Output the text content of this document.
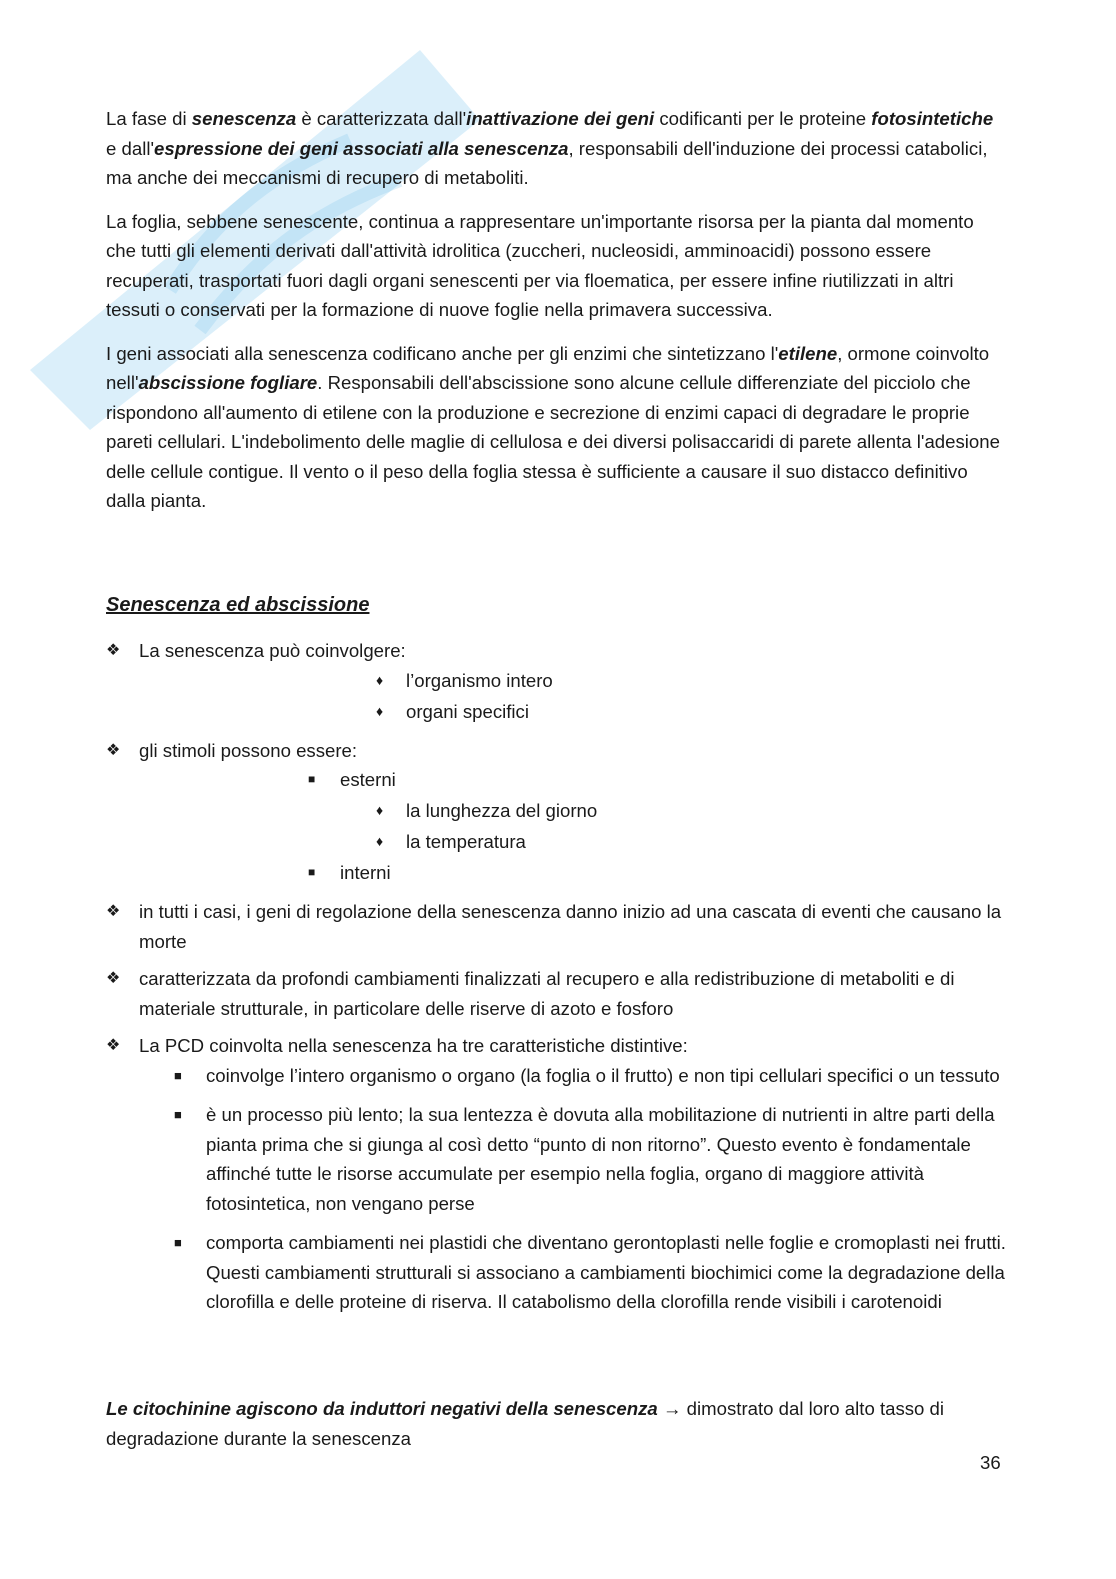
La fase di senescenza è caratterizzata dall'inattivazione dei geni codificanti per le proteine fotosintetiche e dall'espressione dei geni associati alla senescenza, responsabili dell'induzione dei processi catabolici, ma anche dei meccanismi di recupero di metaboliti.

La foglia, sebbene senescente, continua a rappresentare un'importante risorsa per la pianta dal momento che tutti gli elementi derivati dall'attività idrolitica (zuccheri, nucleosidi, amminoacidi) possono essere recuperati, trasportati fuori dagli organi senescenti per via floematica, per essere infine riutilizzati in altri tessuti o conservati per la formazione di nuove foglie nella primavera successiva.

I geni associati alla senescenza codificano anche per gli enzimi che sintetizzano l'etilene, ormone coinvolto nell'abscissione fogliare. Responsabili dell'abscissione sono alcune cellule differenziate del picciolo che rispondono all'aumento di etilene con la produzione e secrezione di enzimi capaci di degradare le proprie pareti cellulari. L'indebolimento delle maglie di cellulosa e dei diversi polisaccaridi di parete allenta l'adesione delle cellule contigue. Il vento o il peso della foglia stessa è sufficiente a causare il suo distacco definitivo dalla pianta.

Senescenza ed abscissione
❖ La senescenza può coinvolgere:
♦ l’organismo intero
♦ organi specifici
❖ gli stimoli possono essere:
■ esterni
♦ la lunghezza del giorno
♦ la temperatura
■ interni
❖ in tutti i casi, i geni di regolazione della senescenza danno inizio ad una cascata di eventi che causano la morte
❖ caratterizzata da profondi cambiamenti finalizzati al recupero e alla redistribuzione di metaboliti e di materiale strutturale, in particolare delle riserve di azoto e fosforo
❖ La PCD coinvolta nella senescenza ha tre caratteristiche distintive:
■ coinvolge l’intero organismo o organo (la foglia o il frutto) e non tipi cellulari specifici o un tessuto
■ è un processo più lento; la sua lentezza è dovuta alla mobilitazione di nutrienti in altre parti della pianta prima che si giunga al così detto “punto di non ritorno”. Questo evento è fondamentale affinché tutte le risorse accumulate per esempio nella foglia, organo di maggiore attività fotosintetica, non vengano perse
■ comporta cambiamenti nei plastidi che diventano gerontoplasti nelle foglie e cromoplasti nei frutti. Questi cambiamenti strutturali si associano a cambiamenti biochimici come la degradazione della clorofilla e delle proteine di riserva. Il catabolismo della clorofilla rende visibili i carotenoidi
Le citochinine agiscono da induttori negativi della senescenza → dimostrato dal loro alto tasso di degradazione durante la senescenza
36
